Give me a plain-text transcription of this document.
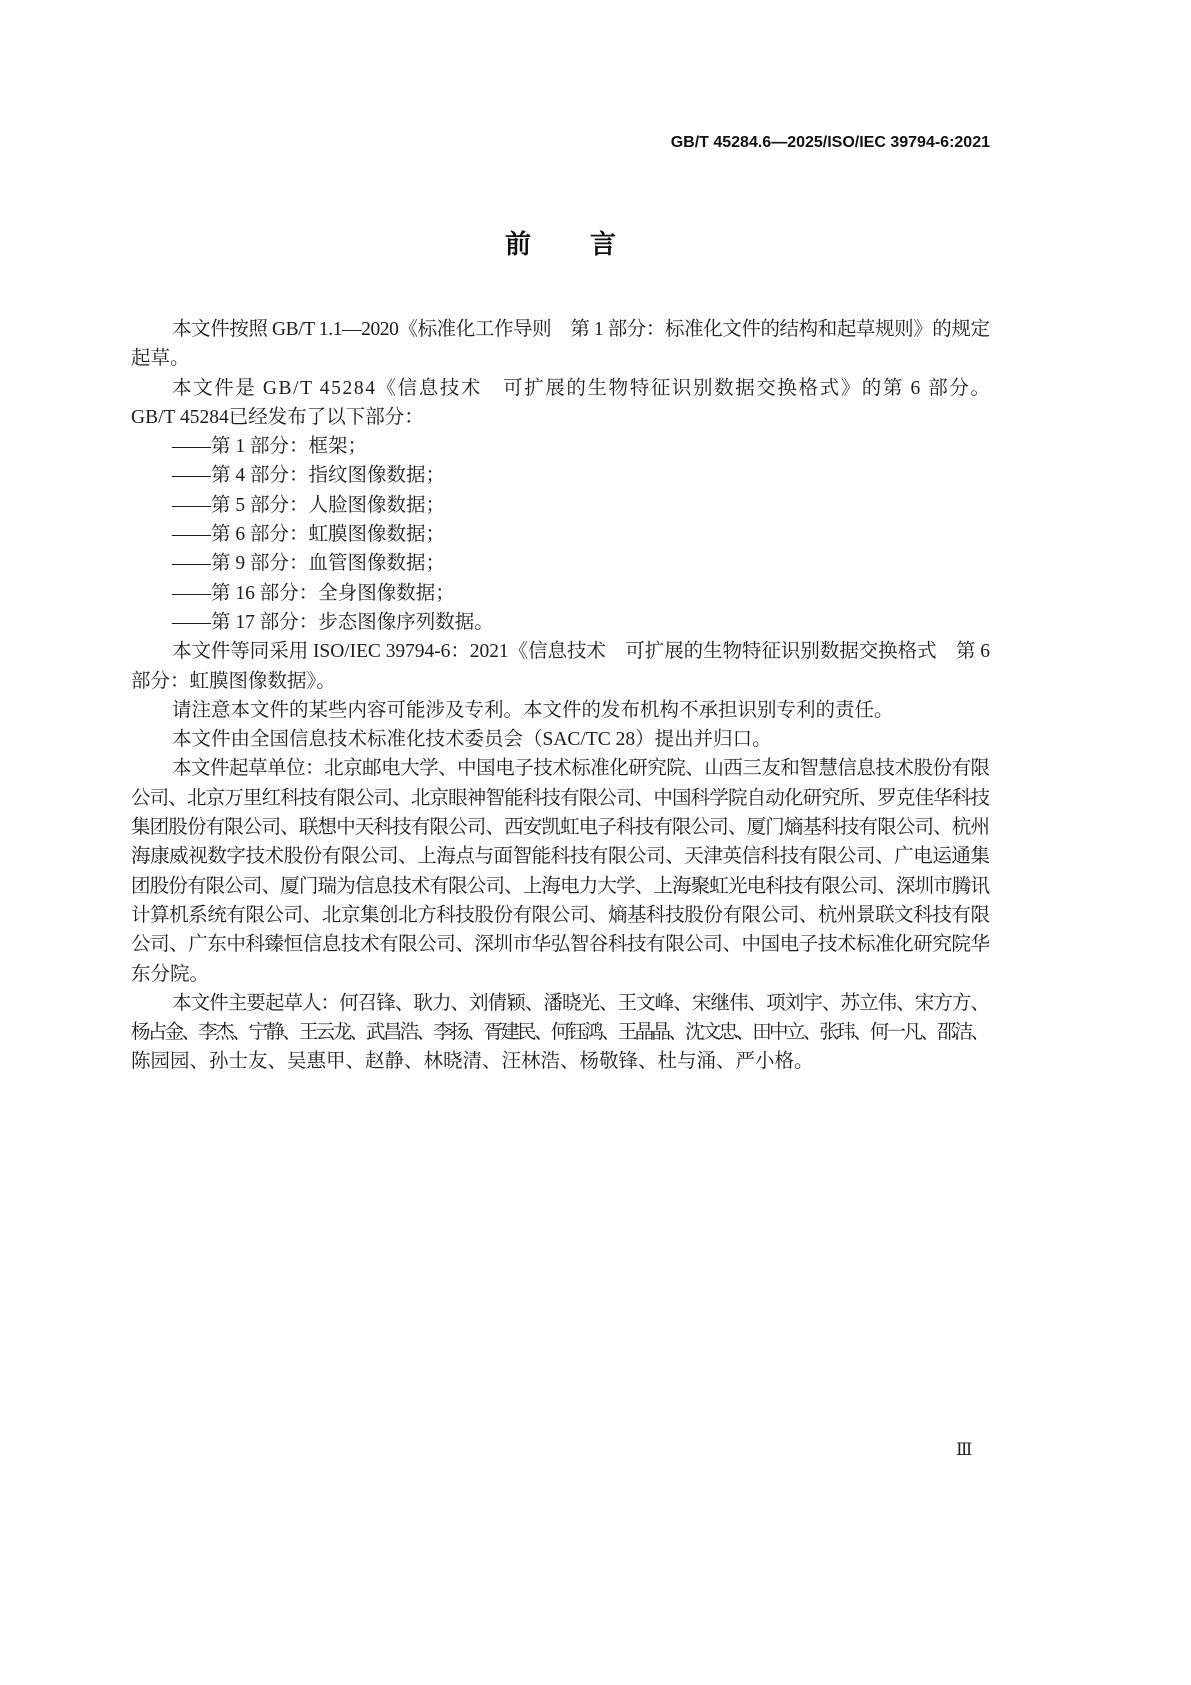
GB/T 45284.6—2025/ISO/IEC 39794-6:2021
前言
本文件按照 GB/T 1.1—2020《标准化工作导则　第 1 部分：标准化文件的结构和起草规则》的规定
起草。
本文件是 GB/T 45284《信息技术　可扩展的生物特征识别数据交换格式》的第 6 部分。
GB/T 45284已经发布了以下部分：
——第 1 部分：框架；
——第 4 部分：指纹图像数据；
——第 5 部分：人脸图像数据；
——第 6 部分：虹膜图像数据；
——第 9 部分：血管图像数据；
——第 16 部分：全身图像数据；
——第 17 部分：步态图像序列数据。
本文件等同采用 ISO/IEC 39794-6：2021《信息技术　可扩展的生物特征识别数据交换格式　第 6
部分：虹膜图像数据》。
请注意本文件的某些内容可能涉及专利。本文件的发布机构不承担识别专利的责任。
本文件由全国信息技术标准化技术委员会（SAC/TC 28）提出并归口。
本文件起草单位：北京邮电大学、中国电子技术标准化研究院、山西三友和智慧信息技术股份有限
公司、北京万里红科技有限公司、北京眼神智能科技有限公司、中国科学院自动化研究所、罗克佳华科技
集团股份有限公司、联想中天科技有限公司、西安凯虹电子科技有限公司、厦门熵基科技有限公司、杭州
海康威视数字技术股份有限公司、上海点与面智能科技有限公司、天津英信科技有限公司、广电运通集
团股份有限公司、厦门瑞为信息技术有限公司、上海电力大学、上海聚虹光电科技有限公司、深圳市腾讯
计算机系统有限公司、北京集创北方科技股份有限公司、熵基科技股份有限公司、杭州景联文科技有限
公司、广东中科臻恒信息技术有限公司、深圳市华弘智谷科技有限公司、中国电子技术标准化研究院华
东分院。
本文件主要起草人：何召锋、耿力、刘倩颖、潘晓光、王文峰、宋继伟、项刘宇、苏立伟、宋方方、
杨占金、李杰、宁静、王云龙、武昌浩、李扬、胥建民、何钰鸿、王晶晶、沈文忠、田中立、张玮、何一凡、邵洁、
陈园园、孙士友、吴惠甲、赵静、林晓清、汪林浩、杨敬锋、杜与涌、严小格。
Ⅲ
